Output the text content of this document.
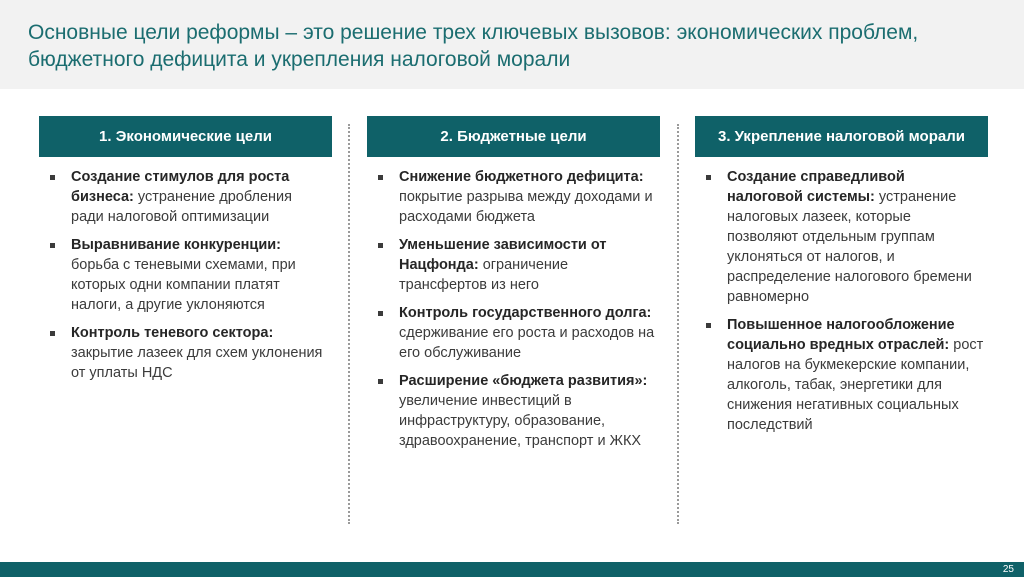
Основные цели реформы – это решение трех ключевых вызовов: экономических проблем, бюджетного дефицита и укрепления налоговой морали
1. Экономические цели
Создание стимулов для роста бизнеса: устранение дробления ради налоговой оптимизации
Выравнивание конкуренции: борьба с теневыми схемами, при которых одни компании платят налоги, а другие уклоняются
Контроль теневого сектора: закрытие лазеек для схем уклонения от уплаты НДС
2. Бюджетные цели
Снижение бюджетного дефицита: покрытие разрыва между доходами и расходами бюджета
Уменьшение зависимости от Нацфонда: ограничение трансфертов из него
Контроль государственного долга: сдерживание его роста и расходов на его обслуживание
Расширение «бюджета развития»: увеличение инвестиций в инфраструктуру, образование, здравоохранение, транспорт и ЖКХ
3. Укрепление налоговой морали
Создание справедливой налоговой системы: устранение налоговых лазеек, которые позволяют отдельным группам уклоняться от налогов, и распределение налогового бремени равномерно
Повышенное налогообложение социально вредных отраслей: рост налогов на букмекерские компании, алкоголь, табак, энергетики для снижения негативных социальных последствий
25
